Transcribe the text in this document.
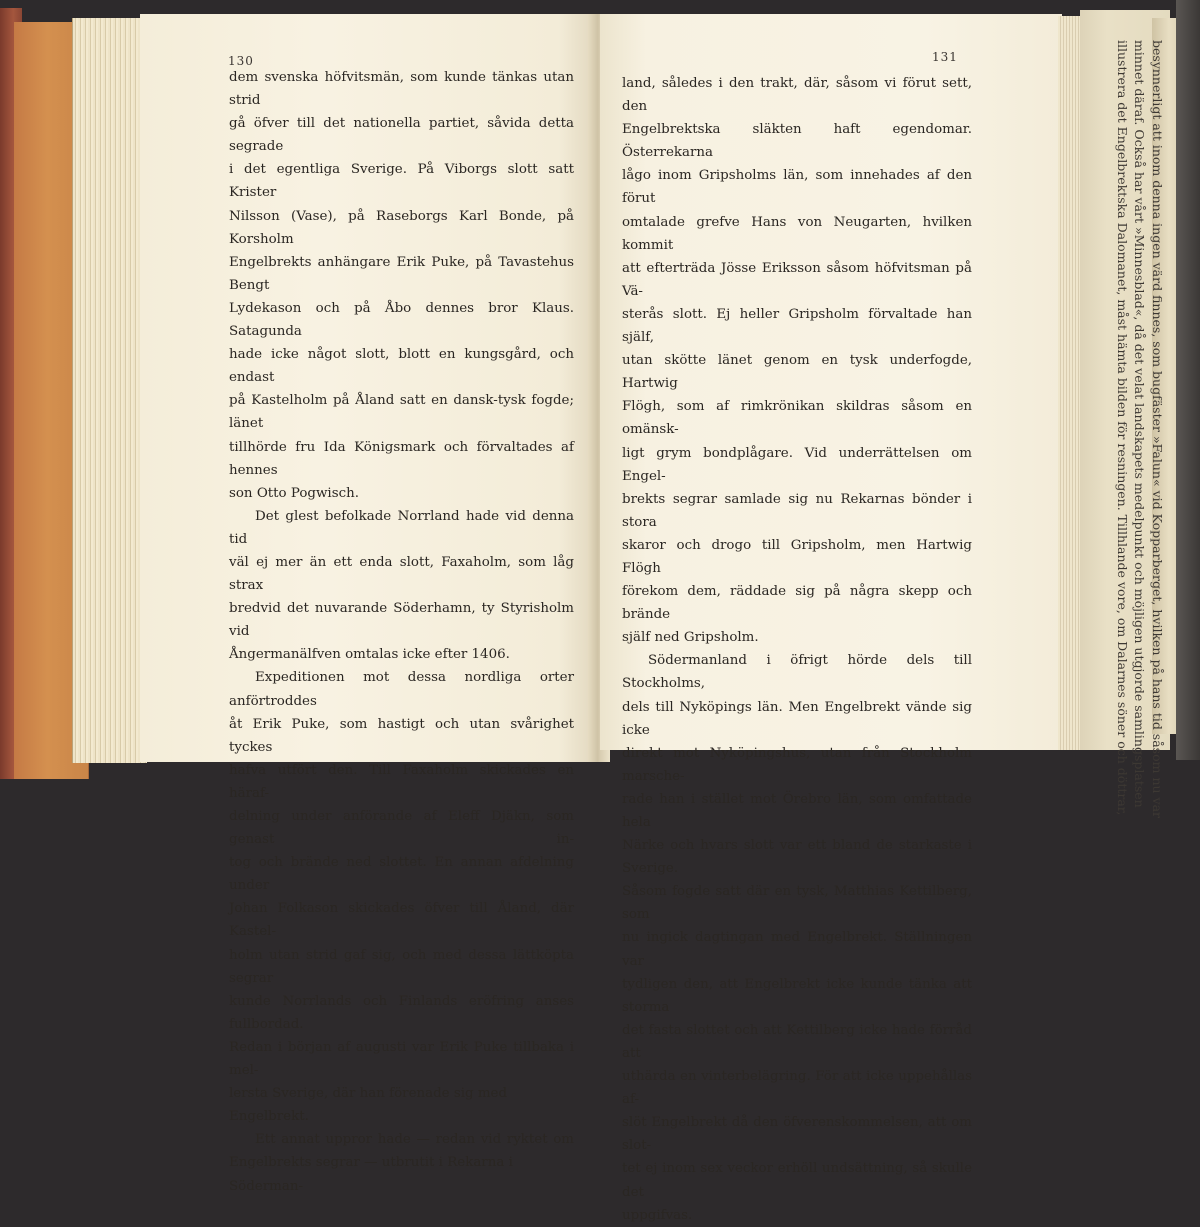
130	131

dem svenska höfvitsmän, som kunde tänkas utan strid
gå öfver till det nationella partiet, såvida detta segrade
i det egentliga Sverige. På Viborgs slott satt Krister
Nilsson (Vase), på Raseborgs Karl Bonde, på Korsholm
Engelbrekts anhängare Erik Puke, på Tavastehus Bengt
Lydekason och på Åbo dennes bror Klaus. Satagunda
hade icke något slott, blott en kungsgård, och endast
på Kastelholm på Åland satt en dansk-tysk fogde; länet
tillhörde fru Ida Königsmark och förvaltades af hennes
son Otto Pogwisch.

Det glest befolkade Norrland hade vid denna tid
väl ej mer än ett enda slott, Faxaholm, som låg strax
bredvid det nuvarande Söderhamn, ty Styrisholm vid
Ångermanälfven omtalas icke efter 1406.

Expeditionen mot dessa nordliga orter anförtroddes
åt Erik Puke, som hastigt och utan svårighet tyckes
hafva utfört den. Till Faxaholm skickades en häraf-
delning under anförande af Eleff Djäkn, som genast in-
tog och brände ned slottet. En annan afdelning under
Johan Folkason skickades öfver till Åland, där Kastel-
holm utan strid gaf sig, och med dessa lättköpta segrar
kunde Norrlands och Finlands eröfring anses fullbordad.
Redan i början af augusti var Erik Puke tillbaka i mel-
lersta Sverige, där han förenade sig med Engelbrekt.

Ett annat uppror hade — redan vid ryktet om
Engelbrekts segrar — utbrutit i Rekarna i Söderman-

land, således i den trakt, där, såsom vi förut sett, den
Engelbrektska släkten haft egendomar. Österrekarna
lågo inom Gripsholms län, som innehades af den förut
omtalade grefve Hans von Neugarten, hvilken kommit
att efterträda Jösse Eriksson såsom höfvitsman på Vä-
sterås slott. Ej heller Gripsholm förvaltade han själf,
utan skötte länet genom en tysk underfogde, Hartwig
Flögh, som af rimkrönikan skildras såsom en omänsk-
ligt grym bondplågare. Vid underrättelsen om Engel-
brekts segrar samlade sig nu Rekarnas bönder i stora
skaror och drogo till Gripsholm, men Hartwig Flögh
förekom dem, räddade sig på några skepp och brände
själf ned Gripsholm.

Södermanland i öfrigt hörde dels till Stockholms,
dels till Nyköpings län. Men Engelbrekt vände sig icke
direkt mot Nyköpingshus, utan från Stockholm marsche-
rade han i stället mot Örebro län, som omfattade hela
Närke och hvars slott var ett bland de starkaste i Sverige.
Såsom fogde satt där en tysk, Matthias Kettilberg, som
nu ingick dagtingan med Engelbrekt. Ställningen var
tydligen den, att Engelbrekt icke kunde tänka att storma
det fasta slottet och att Kettilberg icke hade förråd att
uthärda en vinterbelägring. För att icke uppehållas af-
slöt Engelbrekt då den öfverenskommelsen, att om slot-
tet ej inom sex veckor erhöll undsättning, så skulle det
uppgifvas.

besynnerligt att inom denna ingen värd finnes, som bugfäster »Falun« vid Kopparberget, hvilken på hans tid såsom nu var

minnet däraf. Också har vårt »Minnesblad«, då det velat landskapets medelpunkt och möjligen utgjorde samlingsplatsen

illustrera det Engelbrektska Dalomanet, måst hämta bilden för resningen. Tillhlande vore, om Dalarnes söner och döttrar,
